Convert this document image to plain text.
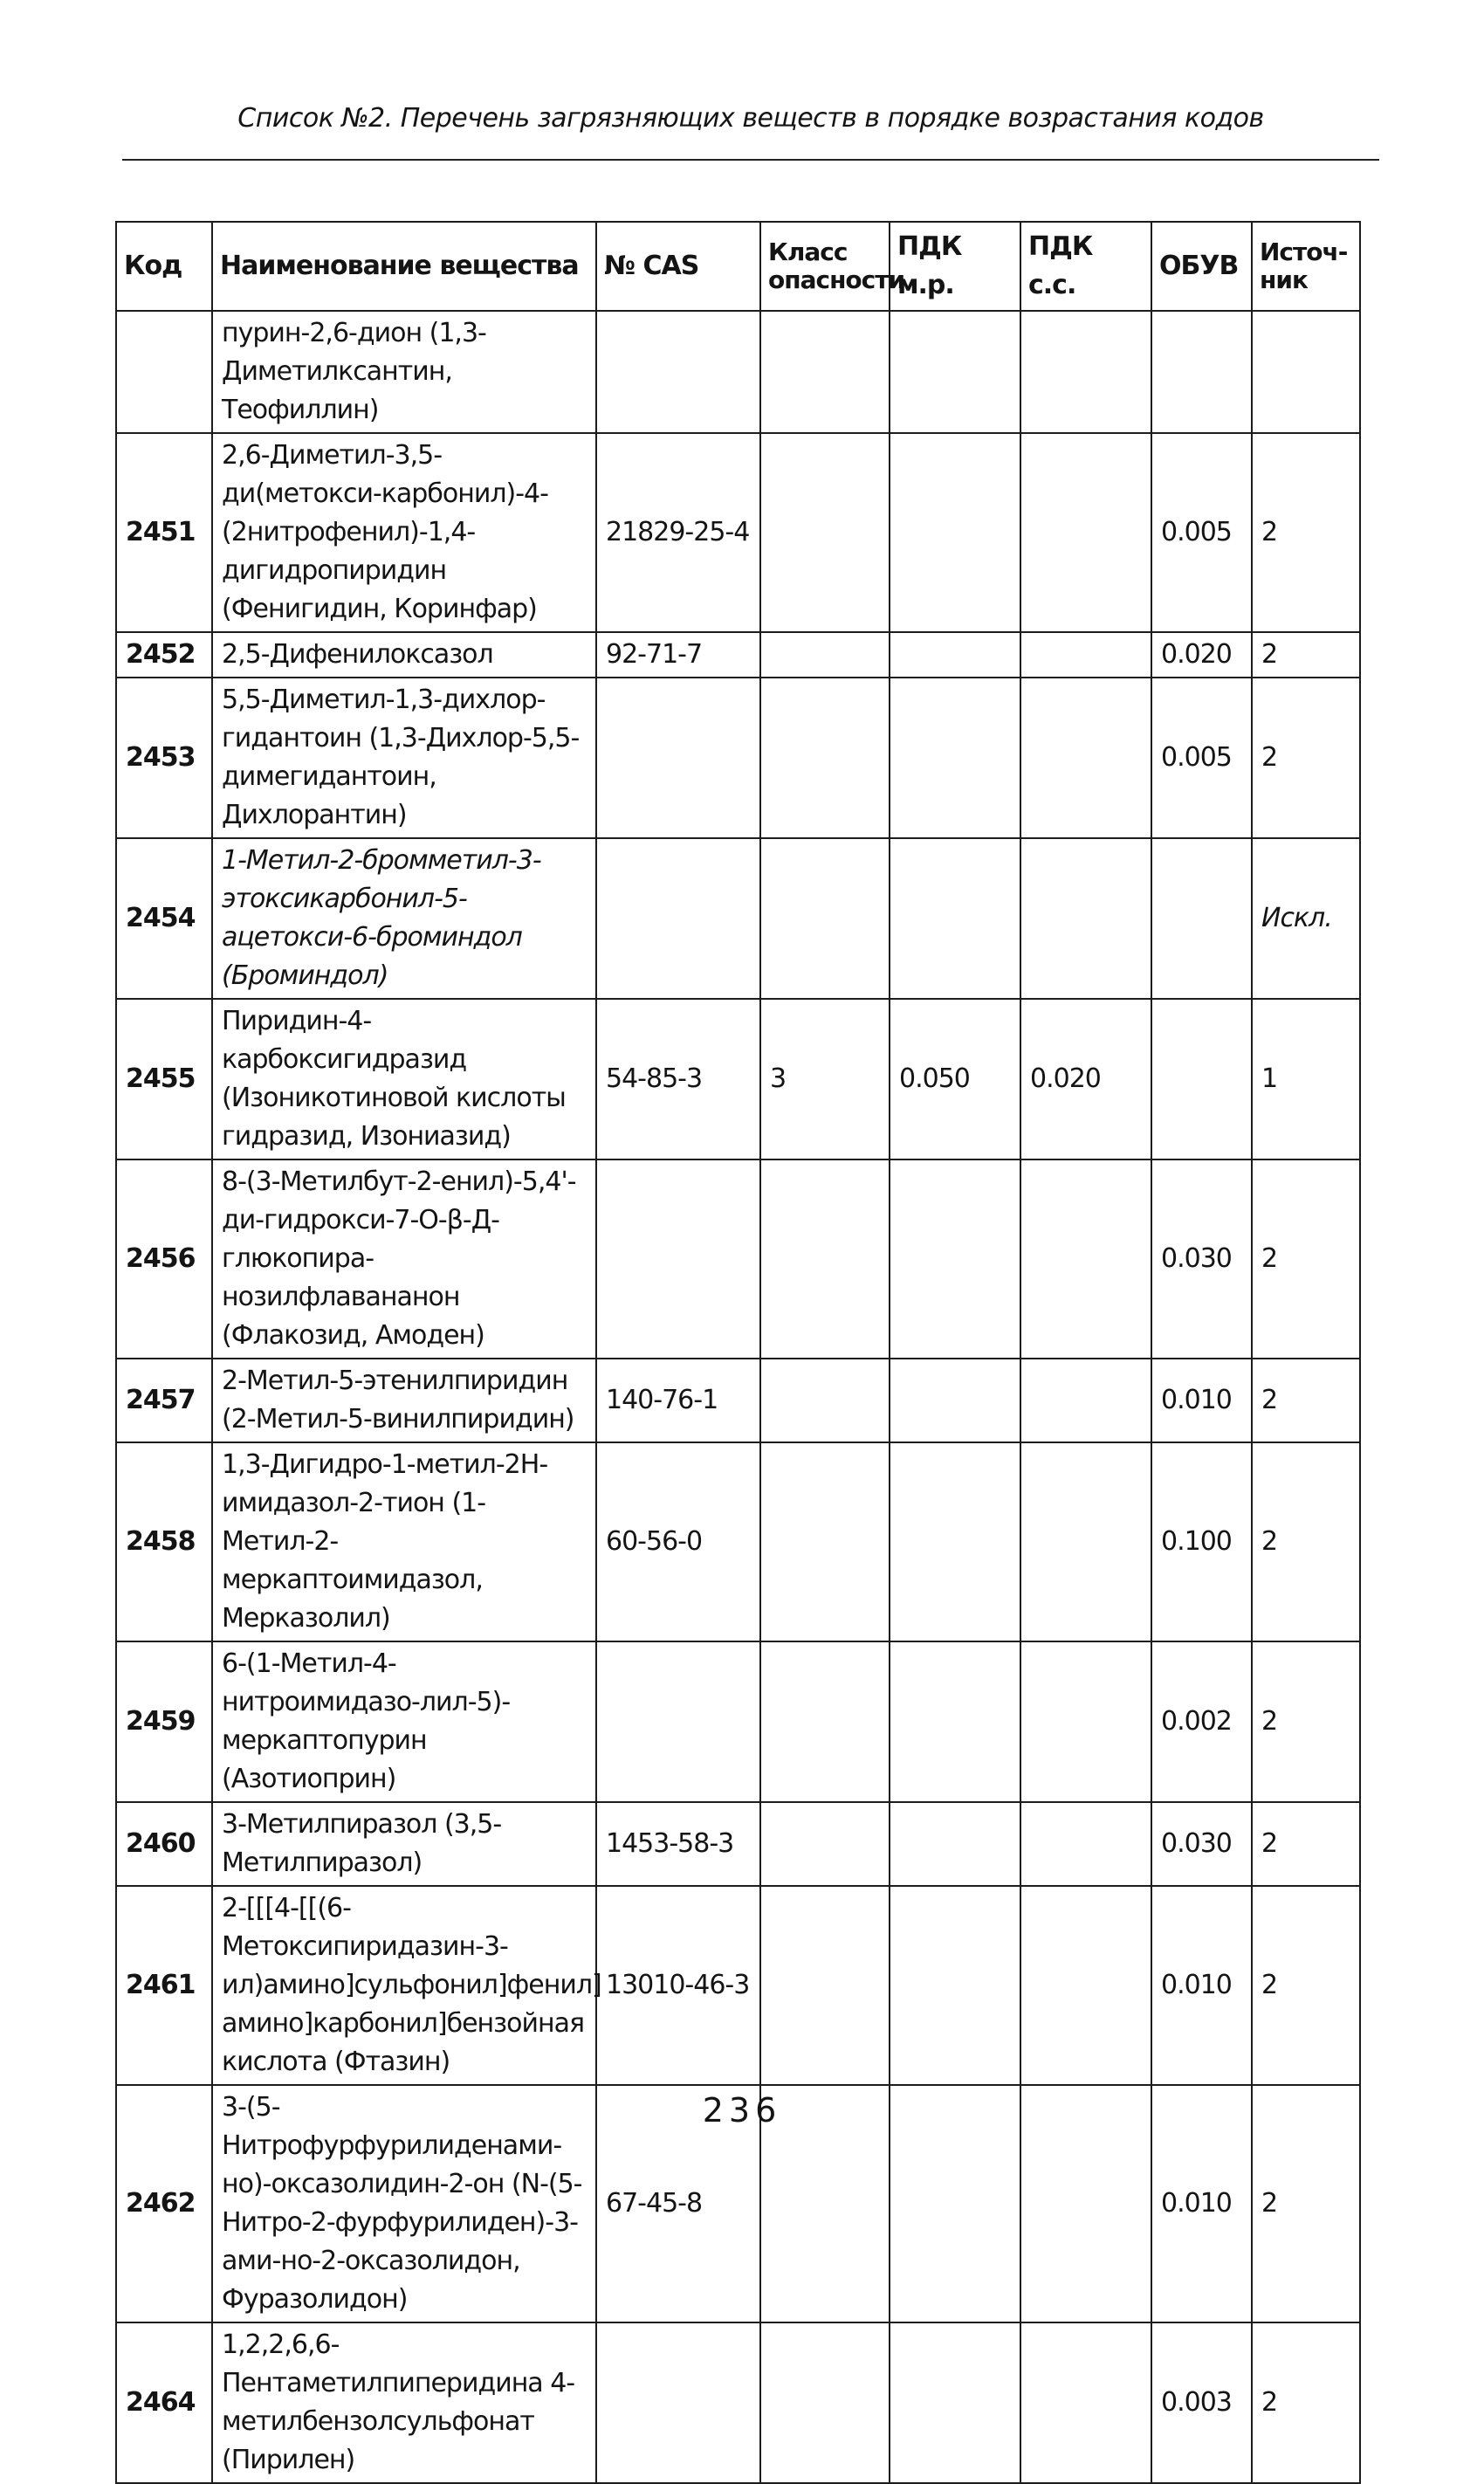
Список №2. Перечень загрязняющих веществ в порядке возрастания кодов
Код	Наименование вещества	№ CAS	Класс опасности	ПДК м.р.	ПДК с.с.	ОБУВ	Источ-ник
	пурин-2,6-дион (1,3-Диметилксантин, Теофиллин)						
2451	2,6-Диметил-3,5-ди(метокси-карбонил)-4-(2нитрофенил)-1,4-дигидропиридин (Фенигидин, Коринфар)	21829-25-4				0.005	2
2452	2,5-Дифенилоксазол	92-71-7				0.020	2
2453	5,5-Диметил-1,3-дихлор-гидантоин (1,3-Дихлор-5,5-димегидантоин, Дихлорантин)					0.005	2
2454	1-Метил-2-бромметил-3-этоксикарбонил-5-ацетокси-6-броминдол (Броминдол)						Искл.
2455	Пиридин-4-карбоксигидразид (Изоникотиновой кислоты гидразид, Изониазид)	54-85-3	3	0.050	0.020		1
2456	8-(3-Метилбут-2-енил)-5,4'-ди-гидрокси-7-О-β-Д-глюкопира-нозилфлавананон (Флакозид, Амоден)					0.030	2
2457	2-Метил-5-этенилпиридин (2-Метил-5-винилпиридин)	140-76-1				0.010	2
2458	1,3-Дигидро-1-метил-2Н-имидазол-2-тион (1-Метил-2-меркаптоимидазол, Мерказолил)	60-56-0				0.100	2
2459	6-(1-Метил-4-нитроимидазо-лил-5)-меркаптопурин (Азотиоприн)					0.002	2
2460	3-Метилпиразол (3,5-Метилпиразол)	1453-58-3				0.030	2
2461	2-[[[4-[[(6-Метоксипиридазин-3-ил)амино]сульфонил]фенил] амино]карбонил]бензойная кислота (Фтазин)	13010-46-3				0.010	2
2462	3-(5-Нитрофурфурилиденами-но)-оксазолидин-2-он (N-(5-Нитро-2-фурфурилиден)-3-ами-но-2-оксазолидон, Фуразолидон)	67-45-8				0.010	2
2464	1,2,2,6,6-Пентаметилпиперидина 4-метилбензолсульфонат (Пирилен)					0.003	2
236
